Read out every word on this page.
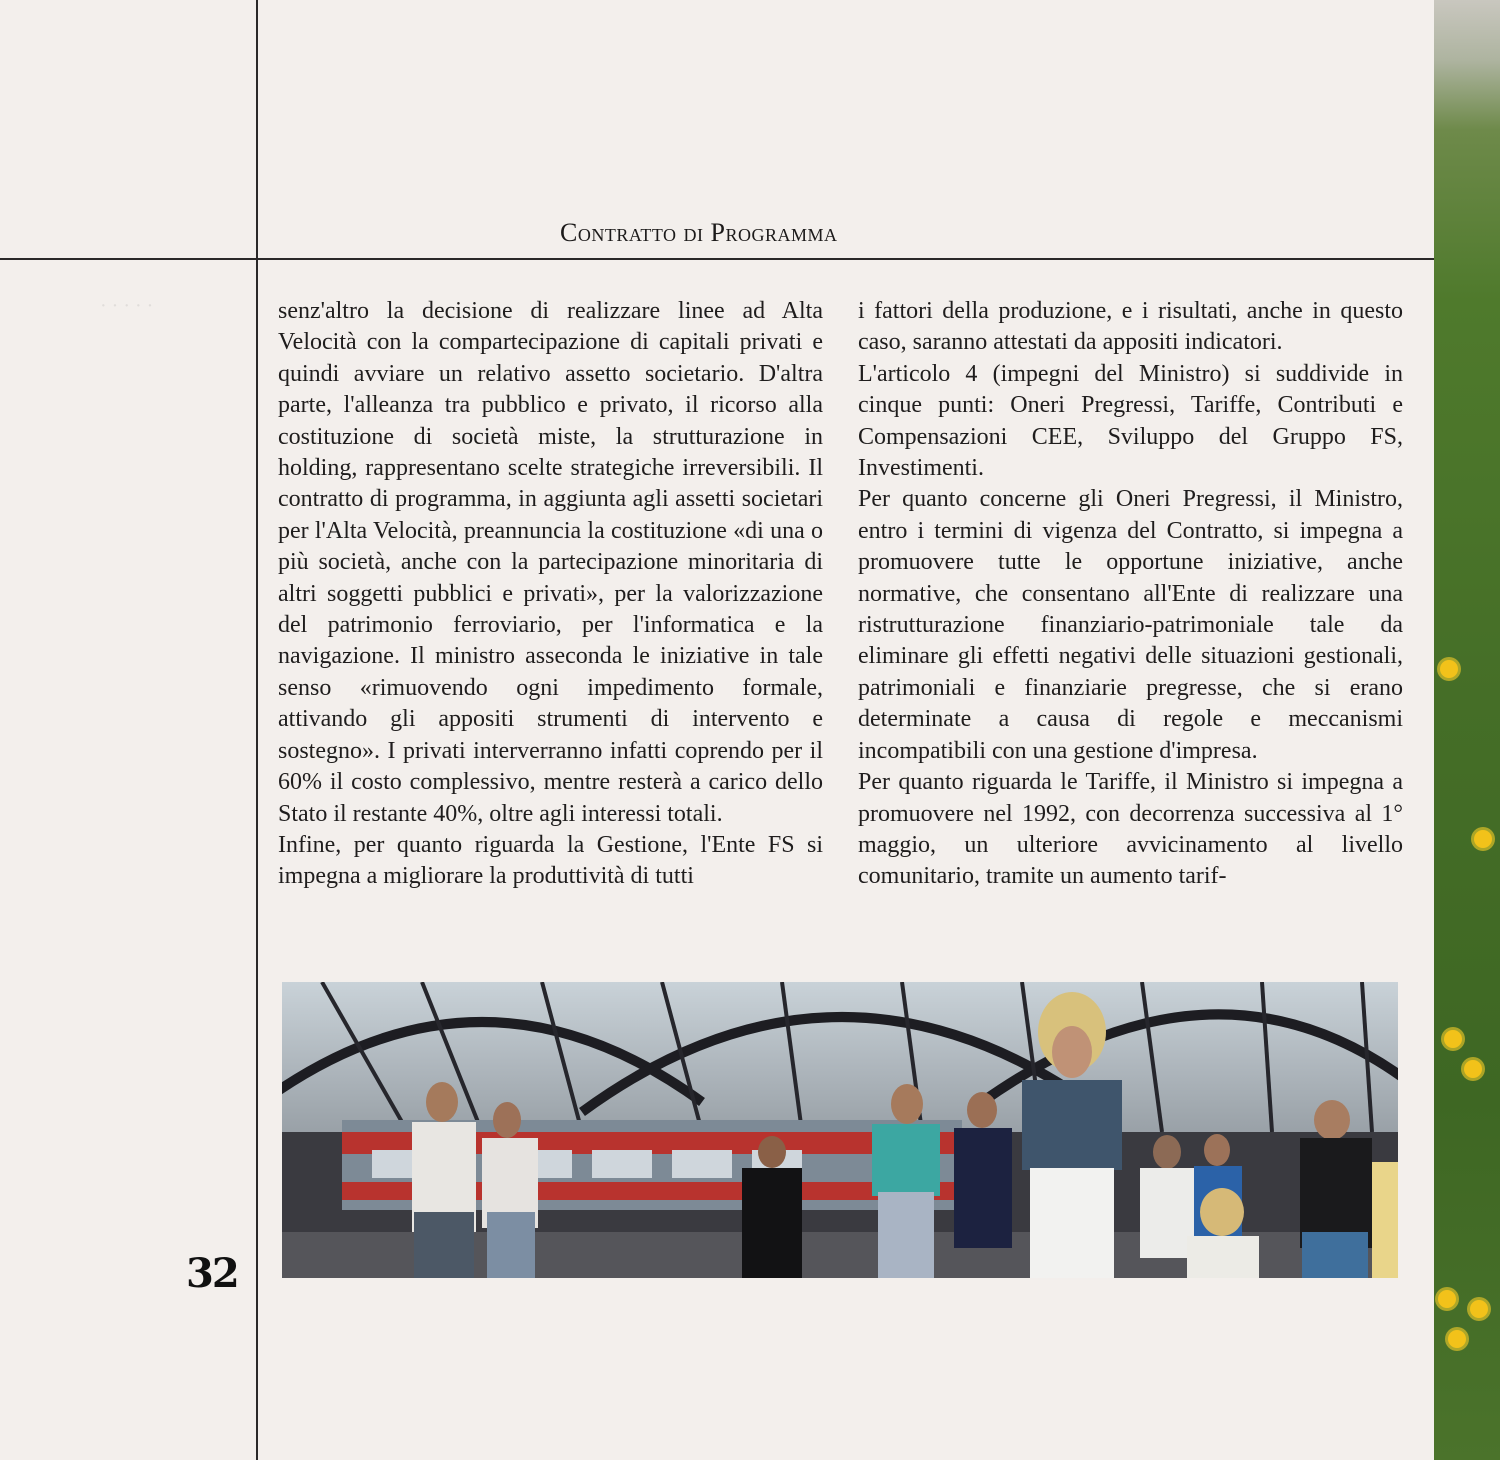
· · · · ·
Contratto di Programma

senz'altro la decisione di realizzare linee ad Alta Velocità con la compartecipazione di capitali privati e quindi avviare un relativo assetto societario. D'altra parte, l'alleanza tra pubblico e privato, il ricorso alla costituzione di società miste, la strutturazione in holding, rappresentano scelte strategiche irreversibili. Il contratto di programma, in aggiunta agli assetti societari per l'Alta Velocità, preannuncia la costituzione «di una o più società, anche con la partecipazione minoritaria di altri soggetti pubblici e privati», per la valorizzazione del patrimonio ferroviario, per l'informatica e la navigazione. Il ministro asseconda le iniziative in tale senso «rimuovendo ogni impedimento formale, attivando gli appositi strumenti di intervento e sostegno». I privati interverranno infatti coprendo per il 60% il costo complessivo, mentre resterà a carico dello Stato il restante 40%, oltre agli interessi totali.

Infine, per quanto riguarda la Gestione, l'Ente FS si impegna a migliorare la produttività di tutti

i fattori della produzione, e i risultati, anche in questo caso, saranno attestati da appositi indicatori.

L'articolo 4 (impegni del Ministro) si suddivide in cinque punti: Oneri Pregressi, Tariffe, Contributi e Compensazioni CEE, Sviluppo del Gruppo FS, Investimenti.

Per quanto concerne gli Oneri Pregressi, il Ministro, entro i termini di vigenza del Contratto, si impegna a promuovere tutte le opportune iniziative, anche normative, che consentano all'Ente di realizzare una ristrutturazione finanziario-patrimoniale tale da eliminare gli effetti negativi delle situazioni gestionali, patrimoniali e finanziarie pregresse, che si erano determinate a causa di regole e meccanismi incompatibili con una gestione d'impresa.

Per quanto riguarda le Tariffe, il Ministro si impegna a promuovere nel 1992, con decorrenza successiva al 1° maggio, un ulteriore avvicinamento al livello comunitario, tramite un aumento tarif-

32
